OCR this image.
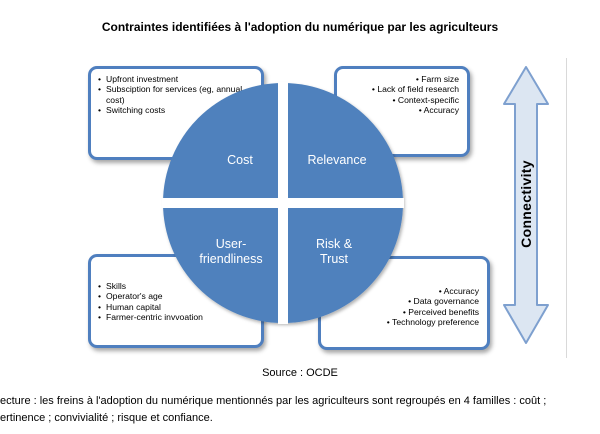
Contraintes identifiées à l'adoption du numérique par les agriculteurs
• Upfront investment
• Subsciption for services (eg, annual cost)
• Switching costs
• Farm size
• Lack of field research
• Context-specific
• Accuracy
• Skills
• Operator's age
• Human capital
• Farmer-centric invvoation
• Accuracy
• Data governance
• Perceived benefits
• Technology preference
Cost	Relevance
User-
friendliness
Risk &
Trust
Connectivity
Source : OCDE
ecture : les freins à l'adoption du numérique mentionnés par les agriculteurs sont regroupés en 4 familles : coût ;
ertinence ; convivialité ; risque et confiance.
